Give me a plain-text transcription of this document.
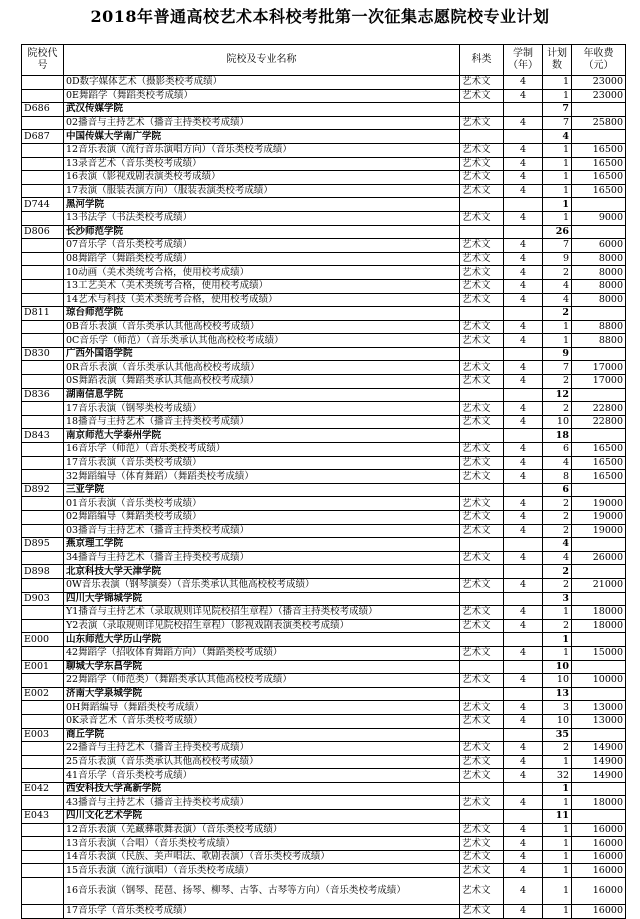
2018年普通高校艺术本科校考批第一次征集志愿院校专业计划
院校代号	院校及专业名称	科类	学制（年）	计划数	年收费（元）
	0D数字媒体艺术（摄影类校考成绩）	艺术文	4	1	23000
	0E舞蹈学（舞蹈类校考成绩）	艺术文	4	1	23000
D686	武汉传媒学院			7	
	02播音与主持艺术（播音主持类校考成绩）	艺术文	4	7	25800
D687	中国传媒大学南广学院			4	
	12音乐表演（流行音乐演唱方向）（音乐类校考成绩）	艺术文	4	1	16500
	13录音艺术（音乐类校考成绩）	艺术文	4	1	16500
	16表演（影视戏剧表演类校考成绩）	艺术文	4	1	16500
	17表演（服装表演方向）（服装表演类校考成绩）	艺术文	4	1	16500
D744	黑河学院			1	
	13书法学（书法类校考成绩）	艺术文	4	1	9000
D806	长沙师范学院			26	
	07音乐学（音乐类校考成绩）	艺术文	4	7	6000
	08舞蹈学（舞蹈类校考成绩）	艺术文	4	9	8000
	10动画（美术类统考合格，使用校考成绩）	艺术文	4	2	8000
	13工艺美术（美术类统考合格，使用校考成绩）	艺术文	4	4	8000
	14艺术与科技（美术类统考合格，使用校考成绩）	艺术文	4	4	8000
D811	琼台师范学院			2	
	0B音乐表演（音乐类承认其他高校校考成绩）	艺术文	4	1	8800
	0C音乐学（师范）（音乐类承认其他高校校考成绩）	艺术文	4	1	8800
D830	广西外国语学院			9	
	0R音乐表演（音乐类承认其他高校校考成绩）	艺术文	4	7	17000
	0S舞蹈表演（舞蹈类承认其他高校校考成绩）	艺术文	4	2	17000
D836	湖南信息学院			12	
	17音乐表演（钢琴类校考成绩）	艺术文	4	2	22800
	18播音与主持艺术（播音主持类校考成绩）	艺术文	4	10	22800
D843	南京师范大学泰州学院			18	
	16音乐学（师范）（音乐类校考成绩）	艺术文	4	6	16500
	17音乐表演（音乐类校考成绩）	艺术文	4	4	16500
	32舞蹈编导（体育舞蹈）（舞蹈类校考成绩）	艺术文	4	8	16500
D892	三亚学院			6	
	01音乐表演（音乐类校考成绩）	艺术文	4	2	19000
	02舞蹈编导（舞蹈类校考成绩）	艺术文	4	2	19000
	03播音与主持艺术（播音主持类校考成绩）	艺术文	4	2	19000
D895	燕京理工学院			4	
	34播音与主持艺术（播音主持类校考成绩）	艺术文	4	4	26000
D898	北京科技大学天津学院			2	
	0W音乐表演（钢琴演奏）（音乐类承认其他高校校考成绩）	艺术文	4	2	21000
D903	四川大学锦城学院			3	
	Y1播音与主持艺术（录取规则详见院校招生章程）（播音主持类校考成绩）	艺术文	4	1	18000
	Y2表演（录取规则详见院校招生章程）（影视戏剧表演类校考成绩）	艺术文	4	2	18000
E000	山东师范大学历山学院			1	
	42舞蹈学（招收体育舞蹈方向）（舞蹈类校考成绩）	艺术文	4	1	15000
E001	聊城大学东昌学院			10	
	22舞蹈学（师范类）（舞蹈类承认其他高校校考成绩）	艺术文	4	10	10000
E002	济南大学泉城学院			13	
	0H舞蹈编导（舞蹈类校考成绩）	艺术文	4	3	13000
	0K录音艺术（音乐类校考成绩）	艺术文	4	10	13000
E003	商丘学院			35	
	22播音与主持艺术（播音主持类校考成绩）	艺术文	4	2	14900
	25音乐表演（音乐类承认其他高校校考成绩）	艺术文	4	1	14900
	41音乐学（音乐类校考成绩）	艺术文	4	32	14900
E042	西安科技大学高新学院			1	
	43播音与主持艺术（播音主持类校考成绩）	艺术文	4	1	18000
E043	四川文化艺术学院			11	
	12音乐表演（羌藏彝歌舞表演）（音乐类校考成绩）	艺术文	4	1	16000
	13音乐表演（合唱）（音乐类校考成绩）	艺术文	4	1	16000
	14音乐表演（民族、美声唱法、歌剧表演）（音乐类校考成绩）	艺术文	4	1	16000
	15音乐表演（流行演唱）（音乐类校考成绩）	艺术文	4	1	16000
	16音乐表演（钢琴、琵琶、扬琴、柳琴、古筝、古琴等方向）（音乐类校考成绩）	艺术文	4	1	16000
	17音乐学（音乐类校考成绩）	艺术文	4	1	16000
